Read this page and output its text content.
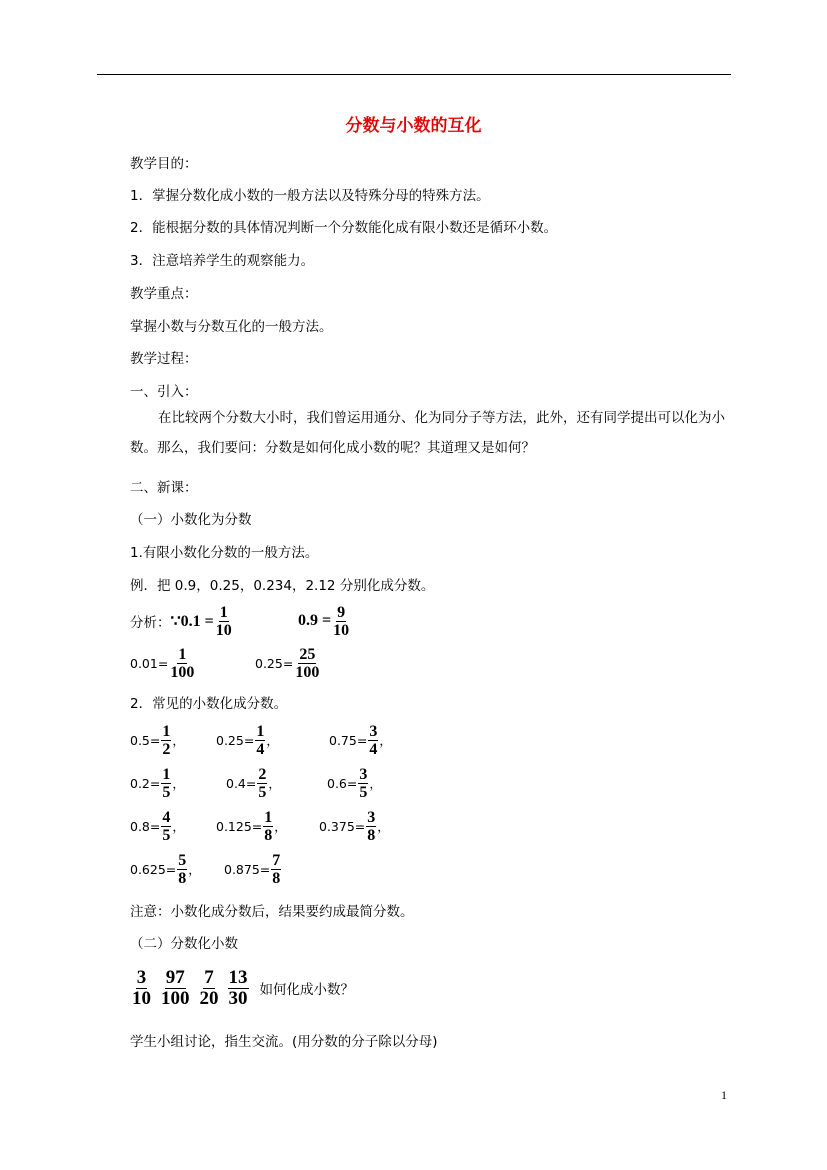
分数与小数的互化
教学目的：
1．掌握分数化成小数的一般方法以及特殊分母的特殊方法。
2．能根据分数的具体情况判断一个分数能化成有限小数还是循环小数。
3．注意培养学生的观察能力。
教学重点：
掌握小数与分数互化的一般方法。
教学过程：
一、引入：
在比较两个分数大小时，我们曾运用通分、化为同分子等方法，此外，还有同学提出可以化为小数。那么，我们要问：分数是如何化成小数的呢？其道理又是如何？
二、新课：
（一）小数化为分数
1.有限小数化分数的一般方法。
例．把 0.9，0.25，0.234，2.12 分别化成分数。
分析： ∵0.1 = $\frac{1}{10}$	$0.9 = \frac{9}{10}$
$0.01= \frac{1}{100}$	$0.25= \frac{25}{100}$
2．常见的小数化成分数。
$0.5= \frac{1}{2}$ ， $0.25= \frac{1}{4}$ ，	$0.75= \frac{3}{4}$ ，
$0.2= \frac{1}{5}$ ，	$0.4= \frac{2}{5}$ ，	$0.6= \frac{3}{5}$ ，
$0.8= \frac{4}{5}$ ， $0.125= \frac{1}{8}$ ，	$0.375= \frac{3}{8}$ ，
$0.625= \frac{5}{8}$ ， $0.875= \frac{7}{8}$
注意：小数化成分数后，结果要约成最简分数。
（二）分数化小数
$\frac{3}{10} \frac{97}{100} \frac{7}{20} \frac{13}{30}$ 如何化成小数？
学生小组讨论，指生交流。(用分数的分子除以分母)
1
